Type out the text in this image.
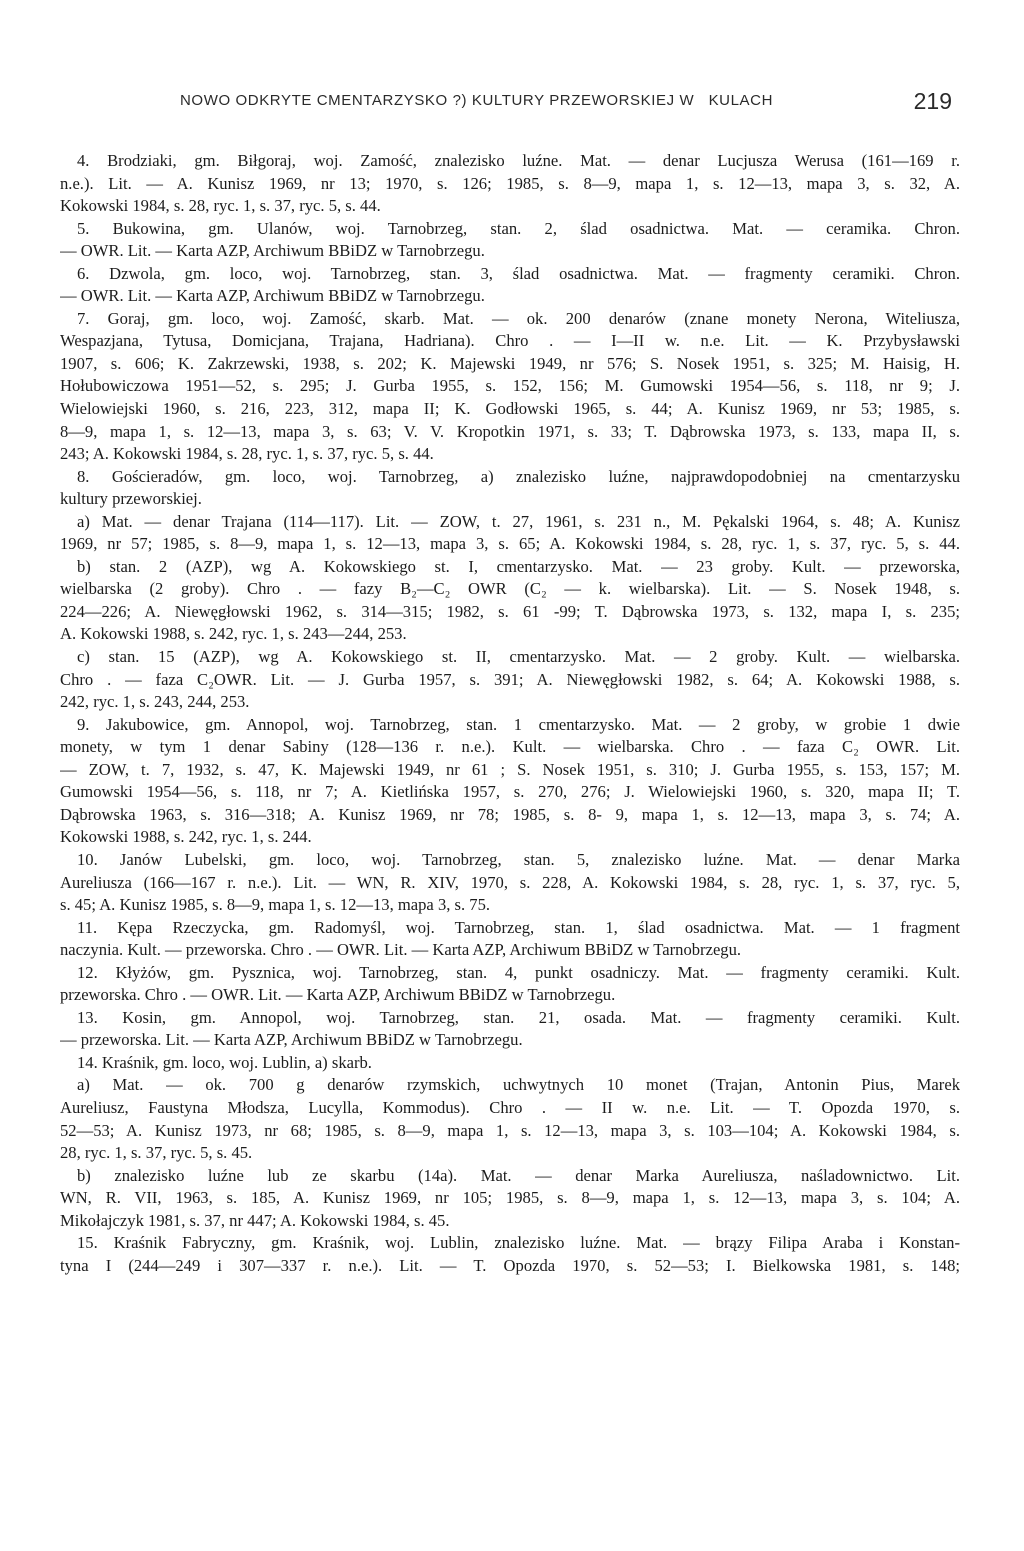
NOWO ODKRYTE CMENTARZYSKO ?) KULTURY PRZEWORSKIEJ W   KULACH	219
4. Brodziaki, gm. Biłgoraj, woj. Zamość, znalezisko luźne. Mat. — denar Lucjusza Werusa (161—169 r.
n.e.). Lit. — A. Kunisz 1969, nr 13; 1970, s. 126; 1985, s. 8—9, mapa 1, s. 12—13, mapa 3, s. 32, A.
Kokowski 1984, s. 28, ryc. 1, s. 37, ryc. 5, s. 44.
5. Bukowina, gm. Ulanów, woj. Tarnobrzeg, stan. 2, ślad osadnictwa. Mat. — ceramika. Chron.
— OWR. Lit. — Karta AZP, Archiwum BBiDZ w Tarnobrzegu.
6. Dzwola, gm. loco, woj. Tarnobrzeg, stan. 3, ślad osadnictwa. Mat. — fragmenty ceramiki. Chron.
— OWR. Lit. — Karta AZP, Archiwum BBiDZ w Tarnobrzegu.
7. Goraj, gm. loco, woj. Zamość, skarb. Mat. — ok. 200 denarów (znane monety Nerona, Witeliusza,
Wespazjana, Tytusa, Domicjana, Trajana, Hadriana). Chro . — I—II w. n.e. Lit. — K. Przybysławski
1907, s. 606; K. Zakrzewski, 1938, s. 202; K. Majewski 1949, nr 576; S. Nosek 1951, s. 325; M. Haisig, H.
Hołubowiczowa 1951—52, s. 295; J. Gurba 1955, s. 152, 156; M. Gumowski 1954—56, s. 118, nr 9; J.
Wielowiejski 1960, s. 216, 223, 312, mapa II; K. Godłowski 1965, s. 44; A. Kunisz 1969, nr 53; 1985, s.
8—9, mapa 1, s. 12—13, mapa 3, s. 63; V. V. Kropotkin 1971, s. 33; T. Dąbrowska 1973, s. 133, mapa II, s.
243; A. Kokowski 1984, s. 28, ryc. 1, s. 37, ryc. 5, s. 44.
8. Gościeradów, gm. loco, woj. Tarnobrzeg, a) znalezisko luźne, najprawdopodobniej na cmentarzysku
kultury przeworskiej.
a) Mat. — denar Trajana (114—117). Lit. — ZOW, t. 27, 1961, s. 231 n., M. Pękalski 1964, s. 48; A. Kunisz
1969, nr 57; 1985, s. 8—9, mapa 1, s. 12—13, mapa 3, s. 65; A. Kokowski 1984, s. 28, ryc. 1, s. 37, ryc. 5, s. 44.
b) stan. 2 (AZP), wg A. Kokowskiego st. I, cmentarzysko. Mat. — 23 groby. Kult. — przeworska,
wielbarska (2 groby). Chro . — fazy B₂—C₂ OWR (C₂ — k. wielbarska). Lit. — S. Nosek 1948, s.
224—226; A. Niewęgłowski 1962, s. 314—315; 1982, s. 61 -99; T. Dąbrowska 1973, s. 132, mapa I, s. 235;
A. Kokowski 1988, s. 242, ryc. 1, s. 243—244, 253.
c) stan. 15 (AZP), wg A. Kokowskiego st. II, cmentarzysko. Mat. — 2 groby. Kult. — wielbarska.
Chro . — faza C₂OWR. Lit. — J. Gurba 1957, s. 391; A. Niewęgłowski 1982, s. 64; A. Kokowski 1988, s.
242, ryc. 1, s. 243, 244, 253.
9. Jakubowice, gm. Annopol, woj. Tarnobrzeg, stan. 1 cmentarzysko. Mat. — 2 groby, w grobie 1 dwie
monety, w tym 1 denar Sabiny (128—136 r. n.e.). Kult. — wielbarska. Chro . — faza C₂ OWR. Lit.
— ZOW, t. 7, 1932, s. 47, K. Majewski 1949, nr 61 ; S. Nosek 1951, s. 310; J. Gurba 1955, s. 153, 157; M.
Gumowski 1954—56, s. 118, nr 7; A. Kietlińska 1957, s. 270, 276; J. Wielowiejski 1960, s. 320, mapa II; T.
Dąbrowska 1963, s. 316—318; A. Kunisz 1969, nr 78; 1985, s. 8- 9, mapa 1, s. 12—13, mapa 3, s. 74; A.
Kokowski 1988, s. 242, ryc. 1, s. 244.
10. Janów Lubelski, gm. loco, woj. Tarnobrzeg, stan. 5, znalezisko luźne. Mat. — denar Marka
Aureliusza (166—167 r. n.e.). Lit. — WN, R. XIV, 1970, s. 228, A. Kokowski 1984, s. 28, ryc. 1, s. 37, ryc. 5,
s. 45; A. Kunisz 1985, s. 8—9, mapa 1, s. 12—13, mapa 3, s. 75.
11. Kępa Rzeczycka, gm. Radomyśl, woj. Tarnobrzeg, stan. 1, ślad osadnictwa. Mat. — 1 fragment
naczynia. Kult. — przeworska. Chro . — OWR. Lit. — Karta AZP, Archiwum BBiDZ w Tarnobrzegu.
12. Kłyżów, gm. Pysznica, woj. Tarnobrzeg, stan. 4, punkt osadniczy. Mat. — fragmenty ceramiki. Kult.
przeworska. Chro . — OWR. Lit. — Karta AZP, Archiwum BBiDZ w Tarnobrzegu.
13. Kosin, gm. Annopol, woj. Tarnobrzeg, stan. 21, osada. Mat. — fragmenty ceramiki. Kult.
— przeworska. Lit. — Karta AZP, Archiwum BBiDZ w Tarnobrzegu.
14. Kraśnik, gm. loco, woj. Lublin, a) skarb.
a) Mat. — ok. 700 g denarów rzymskich, uchwytnych 10 monet (Trajan, Antonin Pius, Marek
Aureliusz, Faustyna Młodsza, Lucylla, Kommodus). Chro . — II w. n.e. Lit. — T. Opozda 1970, s.
52—53; A. Kunisz 1973, nr 68; 1985, s. 8—9, mapa 1, s. 12—13, mapa 3, s. 103—104; A. Kokowski 1984, s.
28, ryc. 1, s. 37, ryc. 5, s. 45.
b) znalezisko luźne lub ze skarbu (14a). Mat. — denar Marka Aureliusza, naśladownictwo. Lit.
WN, R. VII, 1963, s. 185, A. Kunisz 1969, nr 105; 1985, s. 8—9, mapa 1, s. 12—13, mapa 3, s. 104; A.
Mikołajczyk 1981, s. 37, nr 447; A. Kokowski 1984, s. 45.
15. Kraśnik Fabryczny, gm. Kraśnik, woj. Lublin, znalezisko luźne. Mat. — brązy Filipa Araba i Konstan-
tyna I (244—249 i 307—337 r. n.e.). Lit. — T. Opozda 1970, s. 52—53; I. Bielkowska 1981, s. 148;
